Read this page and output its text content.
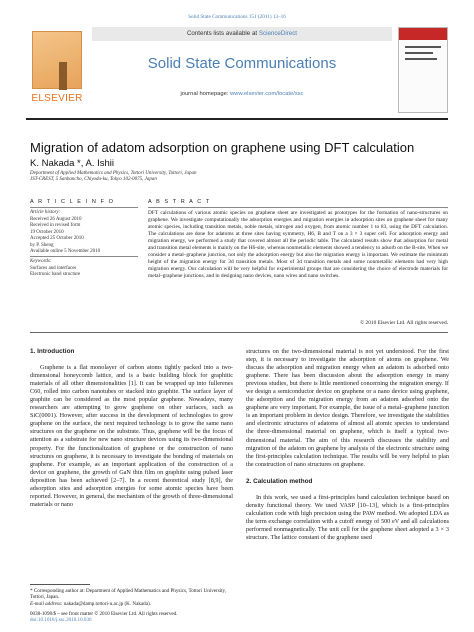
Solid State Communications 151 (2011) 13–16
ELSEVIER
Contents lists available at ScienceDirect
Solid State Communications
journal homepage: www.elsevier.com/locate/ssc
Migration of adatom adsorption on graphene using DFT calculation
K. Nakada *, A. Ishii
Department of Applied Mathematics and Physics, Tottori University, Tottori, Japan
JST-CREST, 5 Sanbancho, Chiyoda-ku, Tokyo 102-0075, Japan
A R T I C L E I N F O
Article history:
Received 26 August 2010
Received in revised form
19 October 2010
Accepted 25 October 2010
by P. Sheng
Available online 5 November 2010
Keywords:
Surfaces and interfaces
Electronic band structure
A B S T R A C T
DFT calculations of various atomic species on graphene sheet are investigated as prototypes for the formation of nano-structures on graphene. We investigate computationally the adsorption energies and migration energies in adsorption sites on graphene sheet for many atomic species, including transition metals, noble metals, nitrogen and oxygen, from atomic number 1 to 83, using the DFT calculation. The calculations are done for adatoms at three sites having symmetry, H6, B and T on a 3 × 3 super cell. For adsorption energy and migration energy, we performed a study that covered almost all the periodic table. The calculated results show that adsorption for metal and transition metal elements is mainly on the H6-site, whereas nonmetallic elements showed a tendency to adsorb on the B-site. When we consider a metal–graphene junction, not only the adsorption energy but also the migration energy is important. We estimate the minimum height of the migration energy for 3d transition metals. Most of 3d transition metals and some nonmetallic elements had very high migration energy. Our calculation will be very helpful for experimental groups that are considering the choice of electrode materials for metal–graphene junctions, and in designing nano devices, nano wires and nano switches.
© 2010 Elsevier Ltd. All rights reserved.
1. Introduction

Graphene is a flat monolayer of carbon atoms tightly packed into a two-dimensional honeycomb lattice, and is a basic building block for graphitic materials of all other dimensionalities [1]. It can be wrapped up into fullerenes C60, rolled into carbon nanotubes or stacked into graphite. The surface layer of graphite can be considered as the most popular graphene. Nowadays, many researchers are attempting to grow graphene on other surfaces, such as SiC(0001). However, after success in the development of technologies to grow graphene on the surface, the next required technology is to grow the same nano structures on the graphene on the substrate. Thus, graphene will be the focus of attention as a substrate for new nano structure devices using its two-dimensional property. For the functionalization of graphene or the construction of nano structures on graphene, it is necessary to investigate the bonding of materials on graphene. For example, as an important application of the construction of a device on graphene, the growth of GaN thin film on graphite using pulsed laser deposition has been achieved [2–7]. In a recent theoretical study [8,9], the adsorption sites and adsorption energies for some atomic species have been reported. However, in general, the mechanism of the growth of three-dimensional materials or nano

structures on the two-dimensional material is not yet understood. For the first step, it is necessary to investigate the adsorption of atoms on graphene. We discuss the adsorption and migration energy when an adatom is adsorbed onto graphene. There has been discussion about the adsorption energy in many previous studies, but there is little mentioned concerning the migration energy. If we design a semiconductor device on graphene or a nano device using graphene, the adsorption and the migration energy from an adatom adsorbed onto the graphene are very important. For example, the issue of a metal–graphene junction is an important problem in device design. Therefore, we investigate the stabilities and electronic structures of adatoms of almost all atomic species to understand the three-dimensional material on graphene, which is itself a typical two-dimensional material. The aim of this research discusses the stability and migration of the adatom on graphene by analysis of the electronic structure using the first-principles calculation technique. The results will be very helpful to plan the construction of nano structures on graphene.

2. Calculation method

In this work, we used a first-principles band calculation technique based on density functional theory. We used VASP [10–13], which is a first-principles calculation code with high precision using the PAW method. We adopted LDA as the term exchange correlation with a cutoff energy of 500 eV and all calculations performed nonmagnetically. The unit cell for the graphene sheet adopted a 3 × 3 structure. The lattice constant of the graphene used

* Corresponding author at: Department of Applied Mathematics and Physics, Tottori University, Tottori, Japan.
E-mail address: nakada@damp.tottori-u.ac.jp (K. Nakada).
0038-1098/$ – see front matter © 2010 Elsevier Ltd. All rights reserved.
doi:10.1016/j.ssc.2010.10.036
